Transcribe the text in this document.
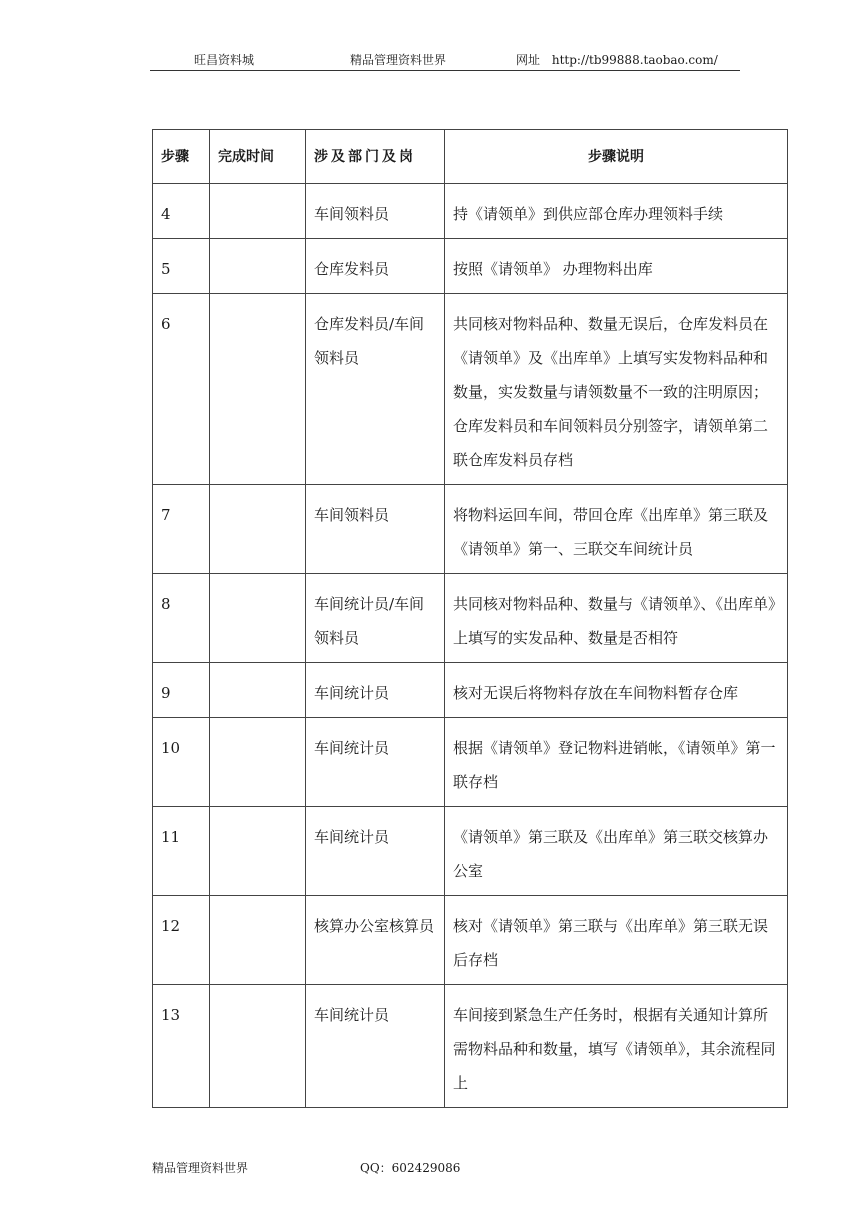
旺昌资料城	精品管理资料世界	网址 http://tb99888.taobao.com/
步骤	完成时间	涉及部门及岗	步骤说明
4		车间领料员	持《请领单》到供应部仓库办理领料手续
5		仓库发料员	按照《请领单》 办理物料出库
6		仓库发料员/车间领料员	共同核对物料品种、数量无误后，仓库发料员在《请领单》及《出库单》上填写实发物料品种和数量，实发数量与请领数量不一致的注明原因；仓库发料员和车间领料员分别签字，请领单第二联仓库发料员存档
7		车间领料员	将物料运回车间，带回仓库《出库单》第三联及《请领单》第一、三联交车间统计员
8		车间统计员/车间领料员	共同核对物料品种、数量与《请领单》、《出库单》上填写的实发品种、数量是否相符
9		车间统计员	核对无误后将物料存放在车间物料暂存仓库
10		车间统计员	根据《请领单》登记物料进销帐，《请领单》第一联存档
11		车间统计员	《请领单》第三联及《出库单》第三联交核算办公室
12		核算办公室核算员	核对《请领单》第三联与《出库单》第三联无误后存档
13		车间统计员	车间接到紧急生产任务时，根据有关通知计算所需物料品种和数量，填写《请领单》，其余流程同上
精品管理资料世界	QQ：602429086
